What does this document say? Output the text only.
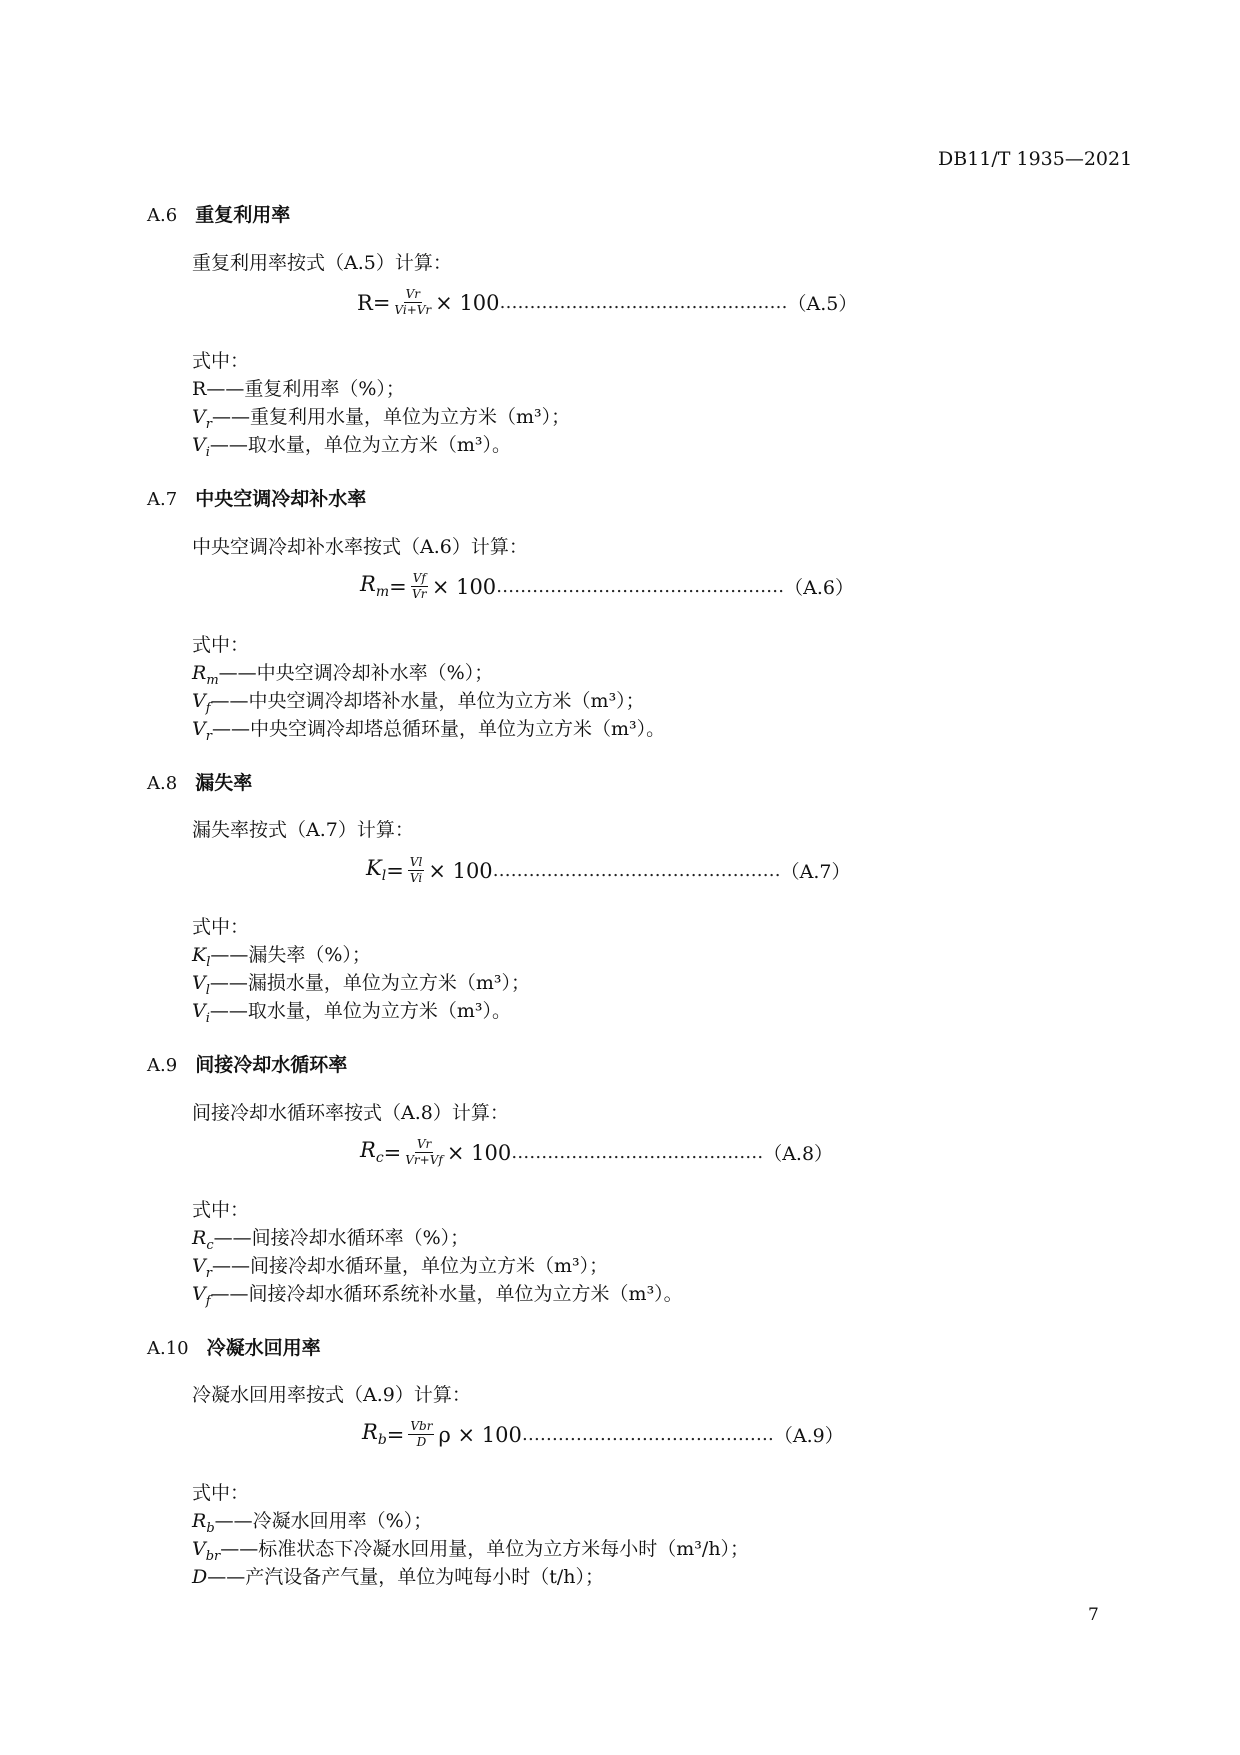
DB11/T 1935—2021
A.6 重复利用率
重复利用率按式（A.5）计算：
$R = \frac{Vr}{Vi+Vr} \times 100$ ………………………………………… （A.5）
式中：
R——重复利用率（%）；
$V_r——$重复利用水量，单位为立方米（m³）；
$V_i——$取水量，单位为立方米（m³）。
A.7 中央空调冷却补水率
中央空调冷却补水率按式（A.6）计算：
$R_m = \frac{Vf}{Vr} \times 100$ ………………………………………… （A.6）
式中：
$R_m——$中央空调冷却补水率（%）；
$V_f——$中央空调冷却塔补水量，单位为立方米（m³）；
$V_r——$中央空调冷却塔总循环量，单位为立方米（m³）。
A.8 漏失率
漏失率按式（A.7）计算：
$K_l = \frac{Vl}{Vi} \times 100$ ………………………………………… （A.7）
式中：
$K_l——$漏失率（%）；
$V_l——$漏损水量，单位为立方米（m³）；
$V_i——$取水量，单位为立方米（m³）。
A.9 间接冷却水循环率
间接冷却水循环率按式（A.8）计算：
$R_c = \frac{Vr}{Vr+Vf} \times 100$ …………………………………… （A.8）
式中：
$R_c——$间接冷却水循环率（%）；
$V_r——$间接冷却水循环量，单位为立方米（m³）；
$V_f——$间接冷却水循环系统补水量，单位为立方米（m³）。
A.10 冷凝水回用率
冷凝水回用率按式（A.9）计算：
$R_b = \frac{\text{Vbr}}{D}$ ρ × 100 …………………………………… （A.9）
式中：
$R_b——$冷凝水回用率（%）；
$V_{br}——$标准状态下冷凝水回用量，单位为立方米每小时（m³/h）；
D——产汽设备产气量，单位为吨每小时（t/h）；
7
